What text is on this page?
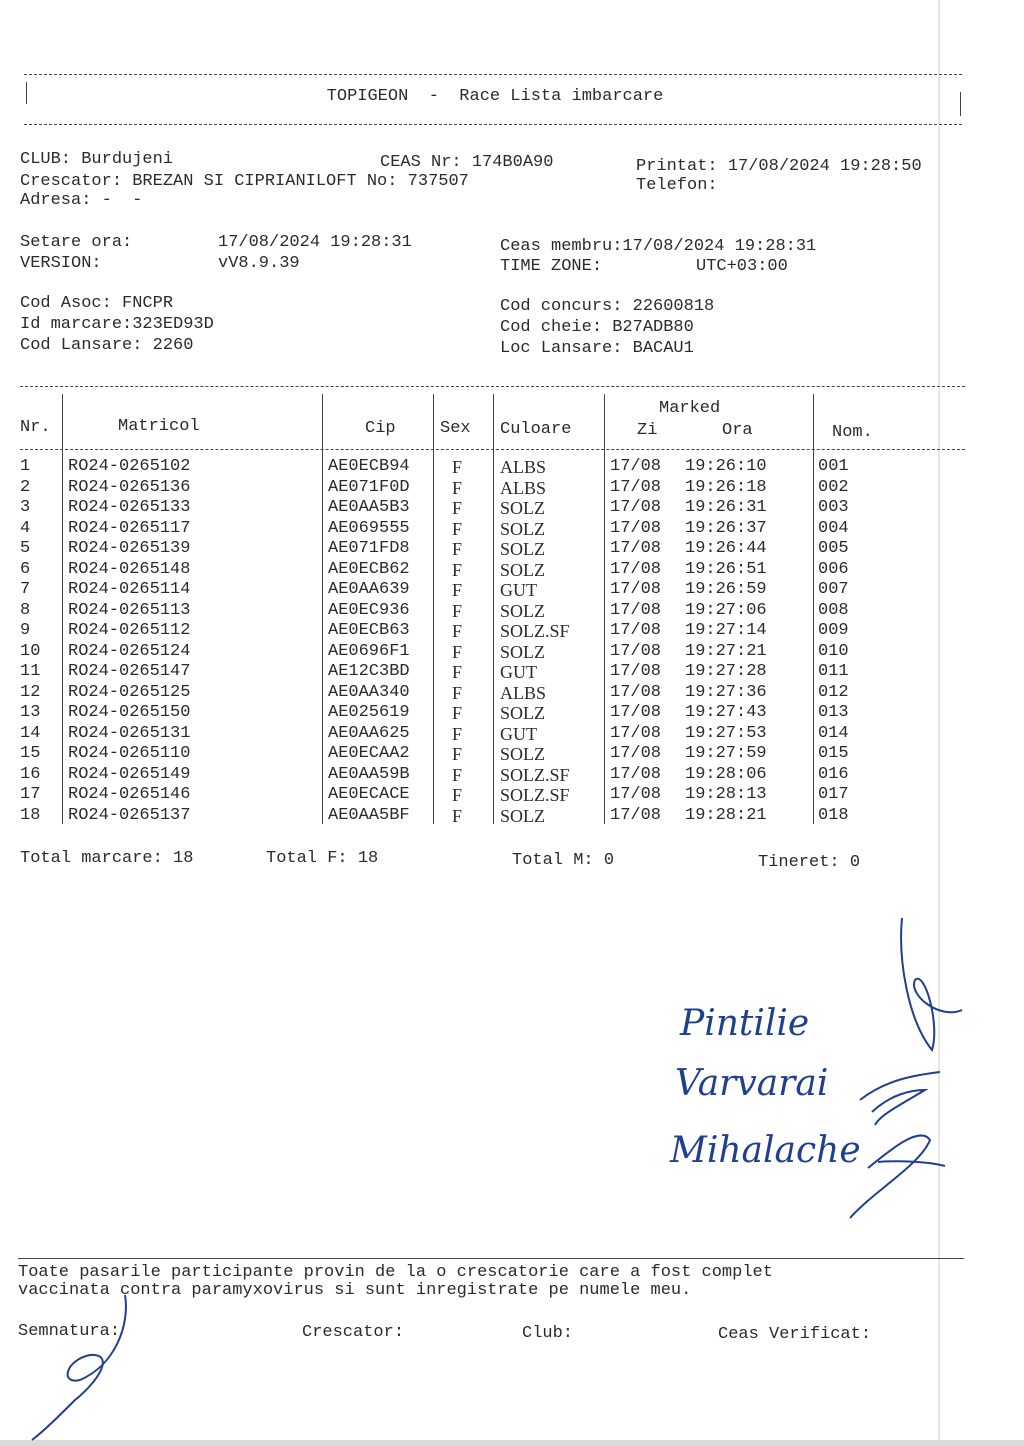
TOPIGEON  -  Race Lista imbarcare
CLUB: Burdujeni	CEAS Nr: 174B0A90	Printat: 17/08/2024 19:28:50
Crescator: BREZAN SI CIPRIANILOFT No: 737507	Telefon:
Adresa: -  -
Setare ora:	17/08/2024 19:28:31	Ceas membru:17/08/2024 19:28:31
VERSION:	vV8.9.39	TIME ZONE:	UTC+03:00
Cod Asoc: FNCPR	Cod concurs: 22600818
Id marcare:323ED93D	Cod cheie: B27ADB80
Cod Lansare: 2260	Loc Lansare: BACAU1
Nr.	Matricol	Cip	Sex Culoare
Marked
Zi	Ora	Nom.
1 RO24-0265102	AE0ECB94 F ALBS	17/08 19:26:10	001
2 RO24-0265136	AE071F0D F ALBS	17/08 19:26:18	002
3 RO24-0265133	AE0AA5B3 F SOLZ	17/08 19:26:31	003
4 RO24-0265117	AE069555 F SOLZ	17/08 19:26:37	004
5 RO24-0265139	AE071FD8 F SOLZ	17/08 19:26:44	005
6 RO24-0265148	AE0ECB62 F SOLZ	17/08 19:26:51	006
7 RO24-0265114	AE0AA639 F GUT	17/08 19:26:59	007
8 RO24-0265113	AE0EC936 F SOLZ	17/08 19:27:06	008
9 RO24-0265112	AE0ECB63 F SOLZ.SF 17/08 19:27:14	009
10 RO24-0265124	AE0696F1 F SOLZ	17/08 19:27:21	010
11 RO24-0265147	AE12C3BD F GUT	17/08 19:27:28	011
12 RO24-0265125	AE0AA340 F ALBS	17/08 19:27:36	012
13 RO24-0265150	AE025619 F SOLZ	17/08 19:27:43	013
14 RO24-0265131	AE0AA625 F GUT	17/08 19:27:53	014
15 RO24-0265110	AE0ECAA2 F SOLZ	17/08 19:27:59	015
16 RO24-0265149	AE0AA59B F SOLZ.SF 17/08 19:28:06	016
17 RO24-0265146	AE0ECACE F SOLZ.SF 17/08 19:28:13	017
18 RO24-0265137	AE0AA5BF F SOLZ	17/08 19:28:21	018
Total marcare: 18	Total F: 18	Total M: 0	Tineret: 0
Pintilie
Varvarai
Mihalache
Toate pasarile participante provin de la o crescatorie care a fost complet
vaccinata contra paramyxovirus si sunt inregistrate pe numele meu.
Semnatura:	Crescator:	Club:	Ceas Verificat:
